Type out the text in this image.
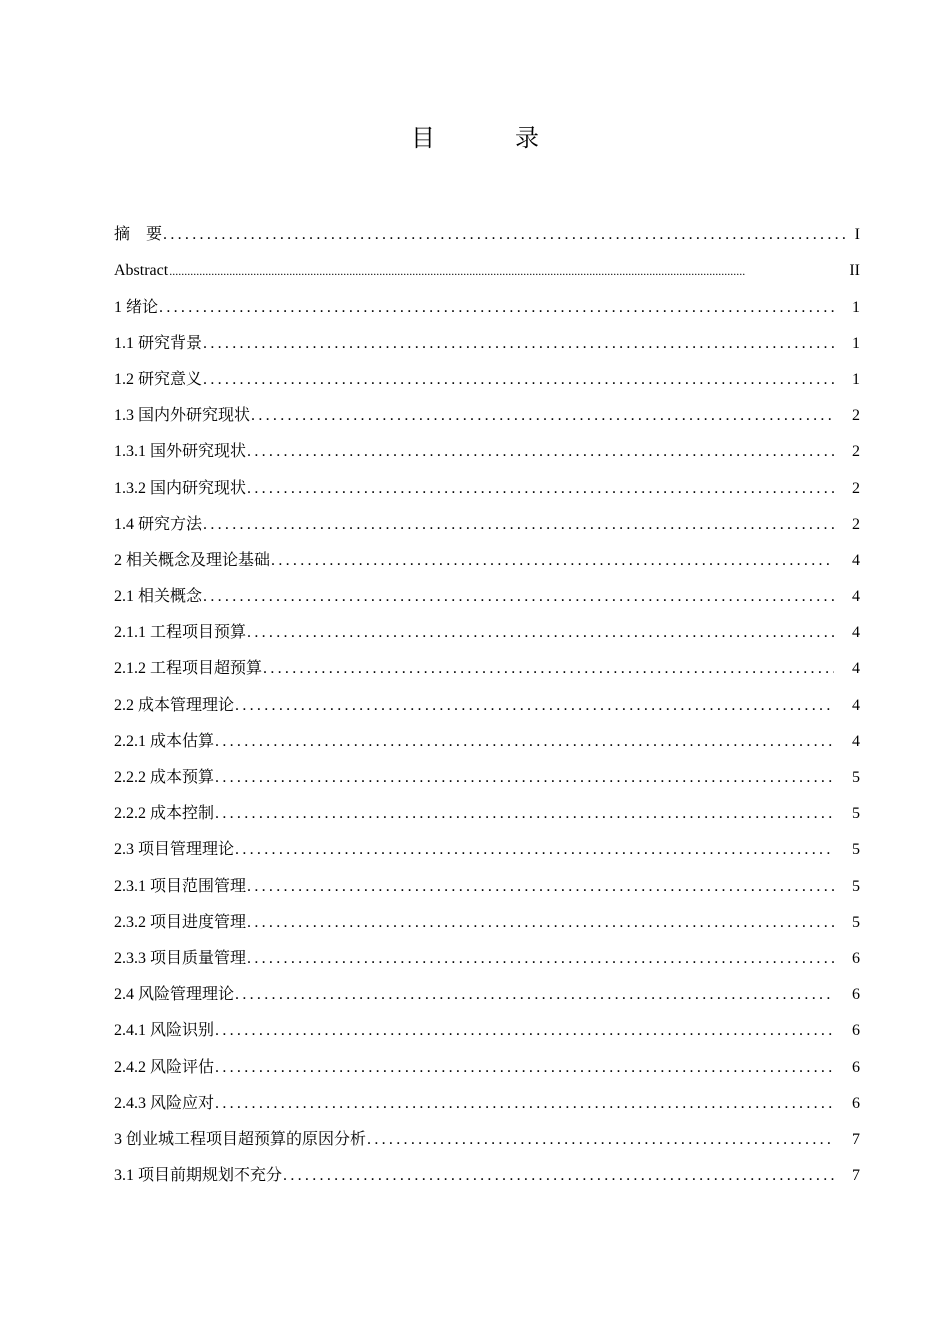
目　录
摘　要 .....	I
Abstract .....	II
1 绪论 .....	1
1.1 研究背景 .....	1
1.2 研究意义 .....	1
1.3 国内外研究现状 .....	2
1.3.1 国外研究现状 .....	2
1.3.2 国内研究现状 .....	2
1.4 研究方法 .....	2
2 相关概念及理论基础 .....	4
2.1 相关概念 .....	4
2.1.1 工程项目预算 .....	4
2.1.2 工程项目超预算 .....	4
2.2 成本管理理论 .....	4
2.2.1 成本估算 .....	4
2.2.2 成本预算 .....	5
2.2.2 成本控制 .....	5
2.3 项目管理理论 .....	5
2.3.1 项目范围管理 .....	5
2.3.2 项目进度管理 .....	5
2.3.3 项目质量管理 .....	6
2.4 风险管理理论 .....	6
2.4.1 风险识别 .....	6
2.4.2 风险评估 .....	6
2.4.3 风险应对 .....	6
3 创业城工程项目超预算的原因分析 .....	7
3.1 项目前期规划不充分 .....	7
